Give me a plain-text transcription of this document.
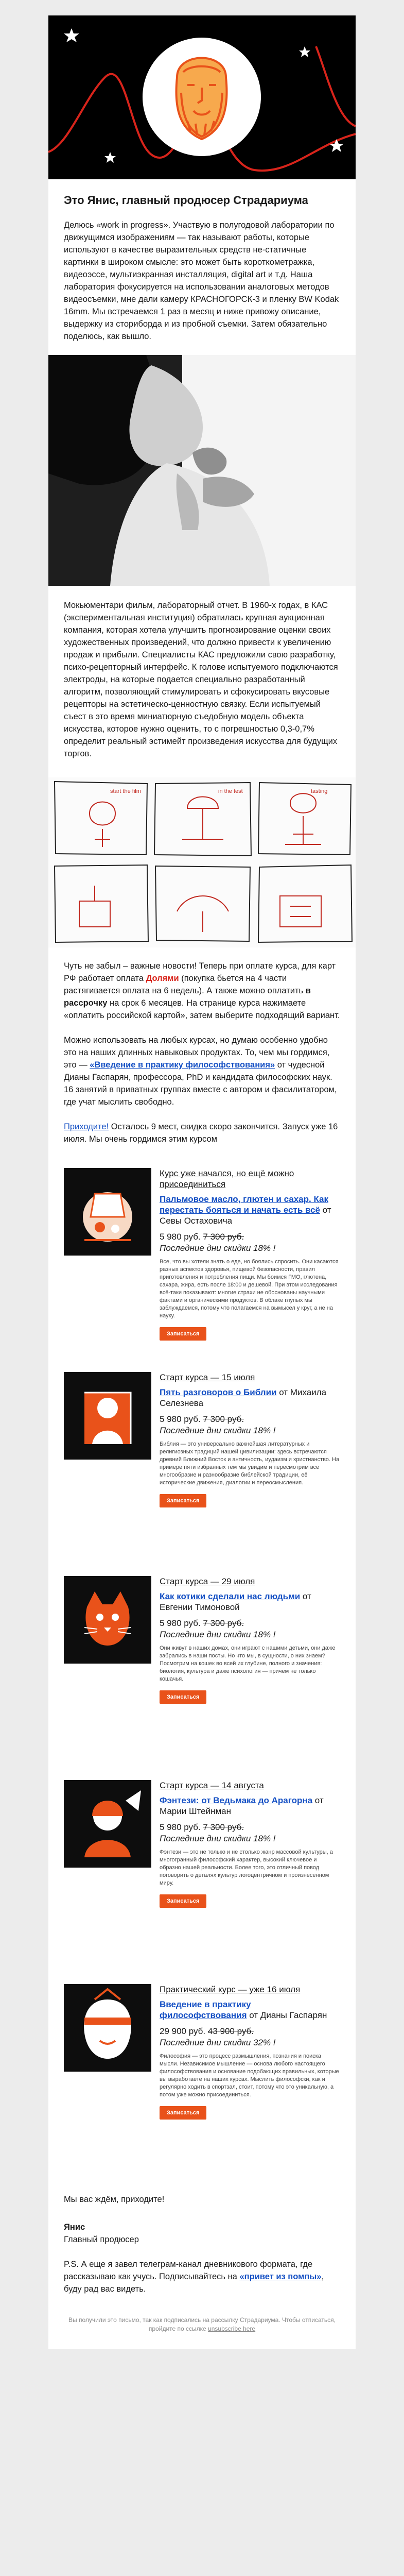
Это Янис, главный продюсер Страдариума

Делюсь «work in progress». Участвую в полугодовой лаборатории по движущимся изображениям — так называют работы, которые используют в качестве выразительных средств не-статичные картинки в широком смысле: это может быть короткометражка, видеоэссе, мультиэкранная инсталляция, digital art и т.д. Наша лаборатория фокусируется на использовании аналоговых методов видеосъемки, мне дали камеру КРАСНОГОРСК-3 и пленку BW Kodak 16mm. Мы встречаемся 1 раз в месяц и ниже привожу описание, выдержку из сториборда и из пробной съемки. Затем обязательно поделюсь, как вышло.

Мокьюментари фильм, лабораторный отчет. В 1960-х годах, в КАС (экспериментальная институция) обратилась крупная аукционная компания, которая хотела улучшить прогнозирование оценки своих художественных произведений, что должно привести к увеличению продаж и прибыли. Специалисты КАС предложили свою разработку, психо-рецепторный интерфейс. К голове испытуемого подключаются электроды, на которые подается специально разработанный алгоритм, позволяющий стимулировать и сфокусировать вкусовые рецепторы на эстетическо-ценностную связку. Если испытуемый съест в это время миниатюрную съедобную модель объекта искусства, которое нужно оценить, то с погрешностью 0,3-0,7% определит реальный эстимейт произведения искусства для будущих торгов.

start the film	in the test	tasting

Чуть не забыл – важные новости! Теперь при оплате курса, для карт РФ работает оплата Долями (покупка бьется на 4 части растягивается оплата на 6 недель). А также можно оплатить в рассрочку на срок 6 месяцев. На странице курса нажимаете «оплатить российской картой», затем выберите подходящий вариант.

Можно использовать на любых курсах, но думаю особенно удобно это на наших длинных навыковых продуктах. То, чем мы гордимся, это — «Введение в практику философствования» от чудесной Дианы Гаспарян, профессора, PhD и кандидата философских наук. 16 занятий в приватных группах вместе с автором и фасилитатором, где учат мыслить свободно.

Приходите! Осталось 9 мест, скидка скоро закончится. Запуск уже 16 июля. Мы очень гордимся этим курсом

Курс уже начался, но ещё можно присоединиться

Пальмовое масло, глютен и сахар. Как перестать бояться и начать есть всё от Севы Остаховича

5 980 руб. 7 300 руб.

Последние дни скидки 18% !

Все, что вы хотели знать о еде, но боялись спросить. Они касаются разных аспектов здоровья, пищевой безопасности, правил приготовления и потребления пищи. Мы боимся ГМО, глютена, сахара, жира, есть после 18:00 и дешевой. При этом исследования всё-таки показывают: многие страхи не обоснованы научными фактами и органическими продуктов. В облаке глупых мы заблуждаемся, потому что полагаемся на вымысел у круг, а не на науку.

Записаться

Старт курса — 15 июля

Пять разговоров о Библии от Михаила Селезнева

5 980 руб. 7 300 руб.

Последние дни скидки 18% !

Библия — это универсально важнейшая литературных и религиозных традиций нашей цивилизации: здесь встречаются древний Ближний Восток и античность, иудаизм и христианство. На примере пяти избранных тем мы увидим и пересмотрим все многообразие и разнообразие библейской традиции, её исторические движения, диалогии и переосмысления.

Записаться

Старт курса — 29 июля

Как котики сделали нас людьми от Евгении Тимоновой

5 980 руб. 7 300 руб.

Последние дни скидки 18% !

Они живут в наших домах, они играют с нашими детьми, они даже забрались в наши посты. Но что мы, в сущности, о них знаем? Посмотрим на кошек во всей их глубине, полного и значения: биология, культура и даже психология — причем не только кошачья.

Записаться

Старт курса — 14 августа

Фэнтези: от Ведьмака до Арагорна от Марии Штейнман

5 980 руб. 7 300 руб.

Последние дни скидки 18% !

Фэнтези — это не только и не столько жанр массовой культуры, а многогранный философский характер, высокий ключевое и образно нашей реальности. Более того, это отличный повод поговорить о деталях культур логоцентричном и произнесенном миру.

Записаться

Практический курс — уже 16 июля

Введение в практику философствования от Дианы Гаспарян

29 900 руб. 43 900 руб.

Последние дни скидки 32% !

Философия — это процесс размышления, познания и поиска мысли. Независимое мышление — основа любого настоящего философствования и основание подобающих правильных, которые вы выработаете на наших курсах. Мыслить философски, как и регулярно ходить в спортзал, стоит, потому что это уникальную, а потом уже можно присоединиться.

Записаться

Мы вас ждём, приходите!

Янис

Главный продюсер

P.S. А еще я завел телеграм-канал дневникового формата, где рассказываю как учусь. Подписывайтесь на «привет из помпы», буду рад вас видеть.

Вы получили это письмо, так как подписались на рассылку Страдариума. Чтобы отписаться, пройдите по ссылке unsubscribe here
